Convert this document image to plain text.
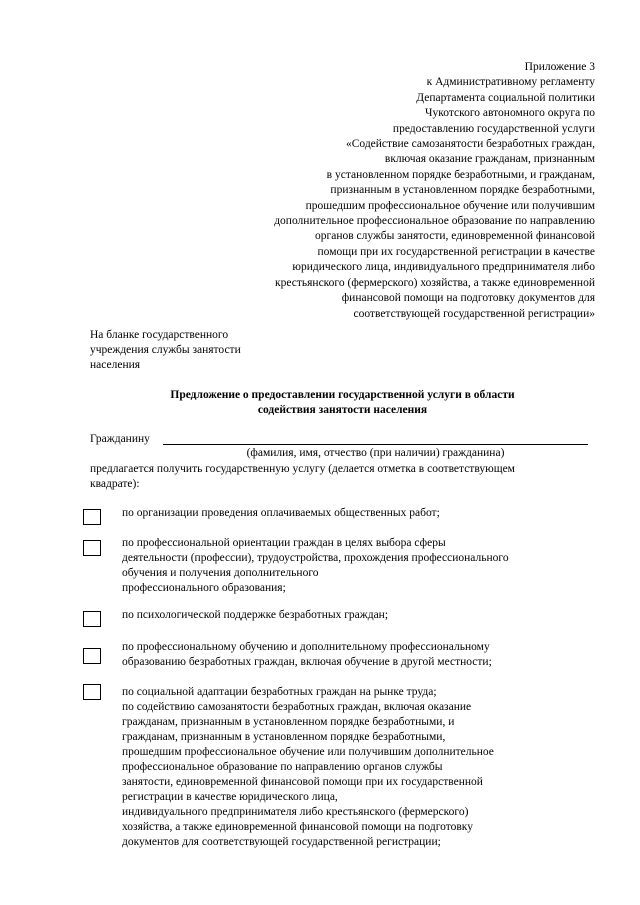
Приложение 3
к Административному регламенту
Департамента социальной политики
Чукотского автономного округа по
предоставлению государственной услуги
«Содействие самозанятости безработных граждан,
включая оказание гражданам, признанным
в установленном порядке безработными, и гражданам,
признанным в установленном порядке безработными,
прошедшим профессиональное обучение или получившим
дополнительное профессиональное образование по направлению
органов службы занятости, единовременной финансовой
помощи при их государственной регистрации в качестве
юридического лица, индивидуального предпринимателя либо
крестьянского (фермерского) хозяйства, а также единовременной
финансовой помощи на подготовку документов для
соответствующей государственной регистрации»
На бланке государственного
учреждения службы занятости
населения
Предложение о предоставлении государственной услуги в области
содействия занятости населения
Гражданину
(фамилия, имя, отчество (при наличии) гражданина)
предлагается получить государственную услугу (делается отметка в соответствующем
квадрате):
по организации проведения оплачиваемых общественных работ;
по профессиональной ориентации граждан в целях выбора сферы
деятельности (профессии), трудоустройства, прохождения профессионального
обучения и получения дополнительного
профессионального образования;
по психологической поддержке безработных граждан;
по профессиональному обучению и дополнительному профессиональному
образованию безработных граждан, включая обучение в другой местности;
по социальной адаптации безработных граждан на рынке труда;
по содействию самозанятости безработных граждан, включая оказание
гражданам, признанным в установленном порядке безработными, и
гражданам, признанным в установленном порядке безработными,
прошедшим профессиональное обучение или получившим дополнительное
профессиональное образование по направлению органов службы
занятости, единовременной финансовой помощи при их государственной
регистрации в качестве юридического лица,
индивидуального предпринимателя либо крестьянского (фермерского)
хозяйства, а также единовременной финансовой помощи на подготовку
документов для соответствующей государственной регистрации;
